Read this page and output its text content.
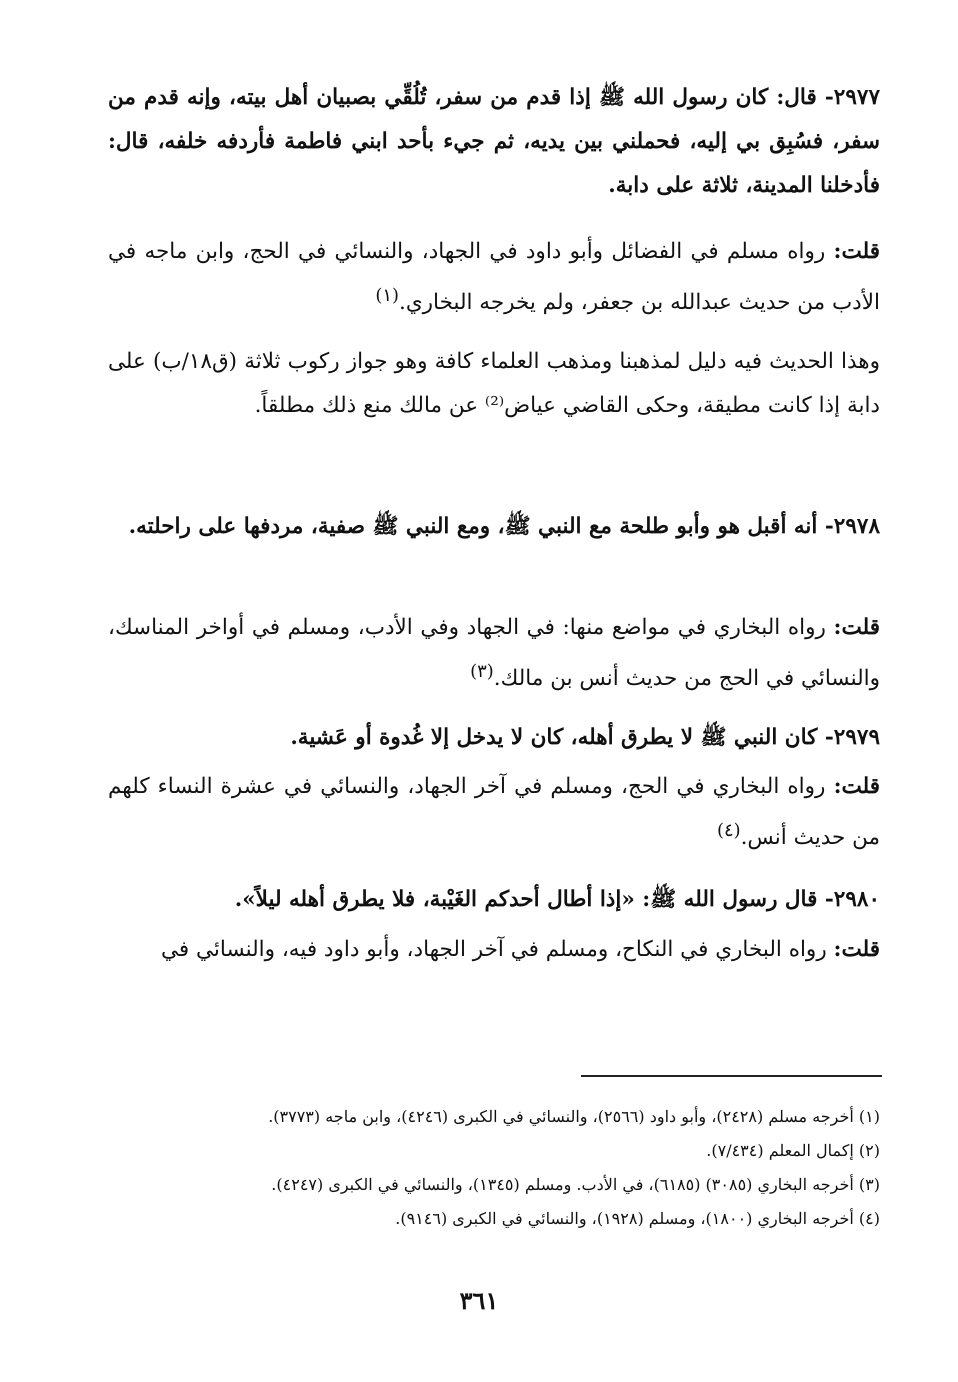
٢٩٧٧- قال: كان رسول الله ﷺ إذا قدم من سفر، تُلُقِّي بصبيان أهل بيته، وإنه قدم من سفر، فسُبِق بي إليه، فحملني بين يديه، ثم جيء بأحد ابني فاطمة فأردفه خلفه، قال: فأدخلنا المدينة، ثلاثة على دابة.

قلت: رواه مسلم في الفضائل وأبو داود في الجهاد، والنسائي في الحج، وابن ماجه في الأدب من حديث عبدالله بن جعفر، ولم يخرجه البخاري.$^{(١)}$

وهذا الحديث فيه دليل لمذهبنا ومذهب العلماء كافة وهو جواز ركوب ثلاثة (ق١٨/ب) على دابة إذا كانت مطيقة، وحكى القاضي عياض⁽²⁾ عن مالك منع ذلك مطلقاً.

٢٩٧٨- أنه أقبل هو وأبو طلحة مع النبي ﷺ، ومع النبي ﷺ صفية، مردفها على راحلته.

قلت: رواه البخاري في مواضع منها: في الجهاد وفي الأدب، ومسلم في أواخر المناسك، والنسائي في الحج من حديث أنس بن مالك.$^{(٣)}$

٢٩٧٩- كان النبي ﷺ لا يطرق أهله، كان لا يدخل إلا غُدوة أو عَشية.

قلت: رواه البخاري في الحج، ومسلم في آخر الجهاد، والنسائي في عشرة النساء كلهم من حديث أنس.$^{(٤)}$

٢٩٨٠- قال رسول الله ﷺ: «إذا أطال أحدكم الغَيْبة، فلا يطرق أهله ليلاً».

قلت: رواه البخاري في النكاح، ومسلم في آخر الجهاد، وأبو داود فيه، والنسائي في

(١) أخرجه مسلم (٢٤٢٨)، وأبو داود (٢٥٦٦)، والنسائي في الكبرى (٤٢٤٦)، وابن ماجه (٣٧٧٣).
(٢) إكمال المعلم (٧/٤٣٤).
(٣) أخرجه البخاري (٣٠٨٥) (٦١٨٥)، في الأدب. ومسلم (١٣٤٥)، والنسائي في الكبرى (٤٢٤٧).
(٤) أخرجه البخاري (١٨٠٠)، ومسلم (١٩٢٨)، والنسائي في الكبرى (٩١٤٦).
٣٦١
